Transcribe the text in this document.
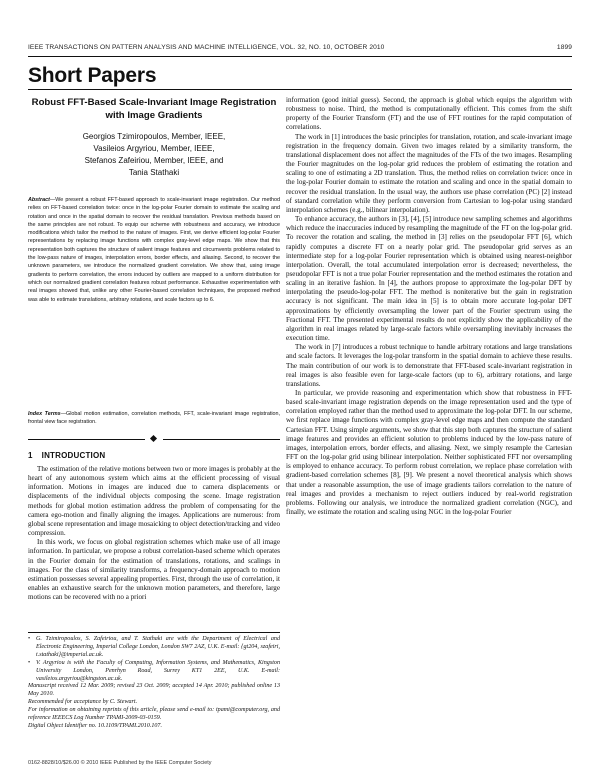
IEEE TRANSACTIONS ON PATTERN ANALYSIS AND MACHINE INTELLIGENCE, VOL. 32, NO. 10, OCTOBER 2010	1899
Short Papers
Robust FFT-Based Scale-Invariant Image Registration with Image Gradients
Georgios Tzimiropoulos, Member, IEEE,
Vasileios Argyriou, Member, IEEE,
Stefanos Zafeiriou, Member, IEEE, and
Tania Stathaki
Abstract—We present a robust FFT-based approach to scale-invariant image registration. Our method relies on FFT-based correlation twice: once in the log-polar Fourier domain to estimate the scaling and rotation and once in the spatial domain to recover the residual translation. Previous methods based on the same principles are not robust. To equip our scheme with robustness and accuracy, we introduce modifications which tailor the method to the nature of images. First, we derive efficient log-polar Fourier representations by replacing image functions with complex gray-level edge maps. We show that this representation both captures the structure of salient image features and circumvents problems related to the low-pass nature of images, interpolation errors, border effects, and aliasing. Second, to recover the unknown parameters, we introduce the normalized gradient correlation. We show that, using image gradients to perform correlation, the errors induced by outliers are mapped to a uniform distribution for which our normalized gradient correlation features robust performance. Exhaustive experimentation with real images showed that, unlike any other Fourier-based correlation techniques, the proposed method was able to estimate translations, arbitrary rotations, and scale factors up to 6.
Index Terms—Global motion estimation, correlation methods, FFT, scale-invariant image registration, frontal view face registration.
1 INTRODUCTION

The estimation of the relative motions between two or more images is probably at the heart of any autonomous system which aims at the efficient processing of visual information. Motions in images are induced due to camera displacements or displacements of the individual objects composing the scene. Image registration methods for global motion estimation address the problem of compensating for the camera ego-motion and finally aligning the images. Applications are numerous: from global scene representation and image mosaicking to object detection/tracking and video compression.

In this work, we focus on global registration schemes which make use of all image information. In particular, we propose a robust correlation-based scheme which operates in the Fourier domain for the estimation of translations, rotations, and scalings in images. For the class of similarity transforms, a frequency-domain approach to motion estimation possesses several appealing properties. First, through the use of correlation, it enables an exhaustive search for the unknown motion parameters, and therefore, large motions can be recovered with no a priori

• G. Tzimiropoulos, S. Zafeiriou, and T. Stathaki are with the Department of Electrical and Electronic Engineering, Imperial College London, London SW7 2AZ, U.K. E-mail: {gt204, szafeiri, t.stathaki}@imperial.ac.uk.

• V. Argyriou is with the Faculty of Computing, Information Systems, and Mathematics, Kingston University London, Penrhyn Road, Surrey KT1 2EE, U.K. E-mail: vasileios.argyriou@kingston.ac.uk.

Manuscript received 12 Mar. 2009; revised 23 Oct. 2009; accepted 14 Apr. 2010; published online 13 May 2010.

Recommended for acceptance by C. Stewart.

For information on obtaining reprints of this article, please send e-mail to: tpami@computer.org, and reference IEEECS Log Number TPAMI-2009-03-0159.

Digital Object Identifier no. 10.1109/TPAMI.2010.107.

0162-8828/10/$26.00 © 2010 IEEE Published by the IEEE Computer Society

information (good initial guess). Second, the approach is global which equips the algorithm with robustness to noise. Third, the method is computationally efficient. This comes from the shift property of the Fourier Transform (FT) and the use of FFT routines for the rapid computation of correlations.

The work in [1] introduces the basic principles for translation, rotation, and scale-invariant image registration in the frequency domain. Given two images related by a similarity transform, the translational displacement does not affect the magnitudes of the FTs of the two images. Resampling the Fourier magnitudes on the log-polar grid reduces the problem of estimating the rotation and scaling to one of estimating a 2D translation. Thus, the method relies on correlation twice: once in the log-polar Fourier domain to estimate the rotation and scaling and once in the spatial domain to recover the residual translation. In the usual way, the authors use phase correlation (PC) [2] instead of standard correlation while they perform conversion from Cartesian to log-polar using standard interpolation schemes (e.g., bilinear interpolation).

To enhance accuracy, the authors in [3], [4], [5] introduce new sampling schemes and algorithms which reduce the inaccuracies induced by resampling the magnitude of the FT on the log-polar grid. To recover the rotation and scaling, the method in [3] relies on the pseudopolar FFT [6], which rapidly computes a discrete FT on a nearly polar grid. The pseudopolar grid serves as an intermediate step for a log-polar Fourier representation which is obtained using nearest-neighbor interpolation. Overall, the total accumulated interpolation error is decreased; nevertheless, the pseudopolar FFT is not a true polar Fourier representation and the method estimates the rotation and scaling in an iterative fashion. In [4], the authors propose to approximate the log-polar DFT by interpolating the pseudo-log-polar FFT. The method is noniterative but the gain in registration accuracy is not significant. The main idea in [5] is to obtain more accurate log-polar DFT approximations by efficiently oversampling the lower part of the Fourier spectrum using the Fractional FFT. The presented experimental results do not explicitly show the applicability of the algorithm in real images related by large-scale factors while oversampling inevitably increases the execution time.

The work in [7] introduces a robust technique to handle arbitrary rotations and large translations and scale factors. It leverages the log-polar transform in the spatial domain to achieve these results. The main contribution of our work is to demonstrate that FFT-based scale-invariant registration in real images is also feasible even for large-scale factors (up to 6), arbitrary rotations, and large translations.

In particular, we provide reasoning and experimentation which show that robustness in FFT-based scale-invariant image registration depends on the image representation used and the type of correlation employed rather than the method used to approximate the log-polar DFT. In our scheme, we first replace image functions with complex gray-level edge maps and then compute the standard Cartesian FFT. Using simple arguments, we show that this step both captures the structure of salient image features and provides an efficient solution to problems induced by the low-pass nature of images, interpolation errors, border effects, and aliasing. Next, we simply resample the Cartesian FFT on the log-polar grid using bilinear interpolation. Neither sophisticated FFT nor oversampling is employed to enhance accuracy. To perform robust correlation, we replace phase correlation with gradient-based correlation schemes [8], [9]. We present a novel theoretical analysis which shows that under a reasonable assumption, the use of image gradients tailors correlation to the nature of real images and provides a mechanism to reject outliers induced by real-world registration problems. Following our analysis, we introduce the normalized gradient correlation (NGC), and finally, we estimate the rotation and scaling using NGC in the log-polar Fourier
